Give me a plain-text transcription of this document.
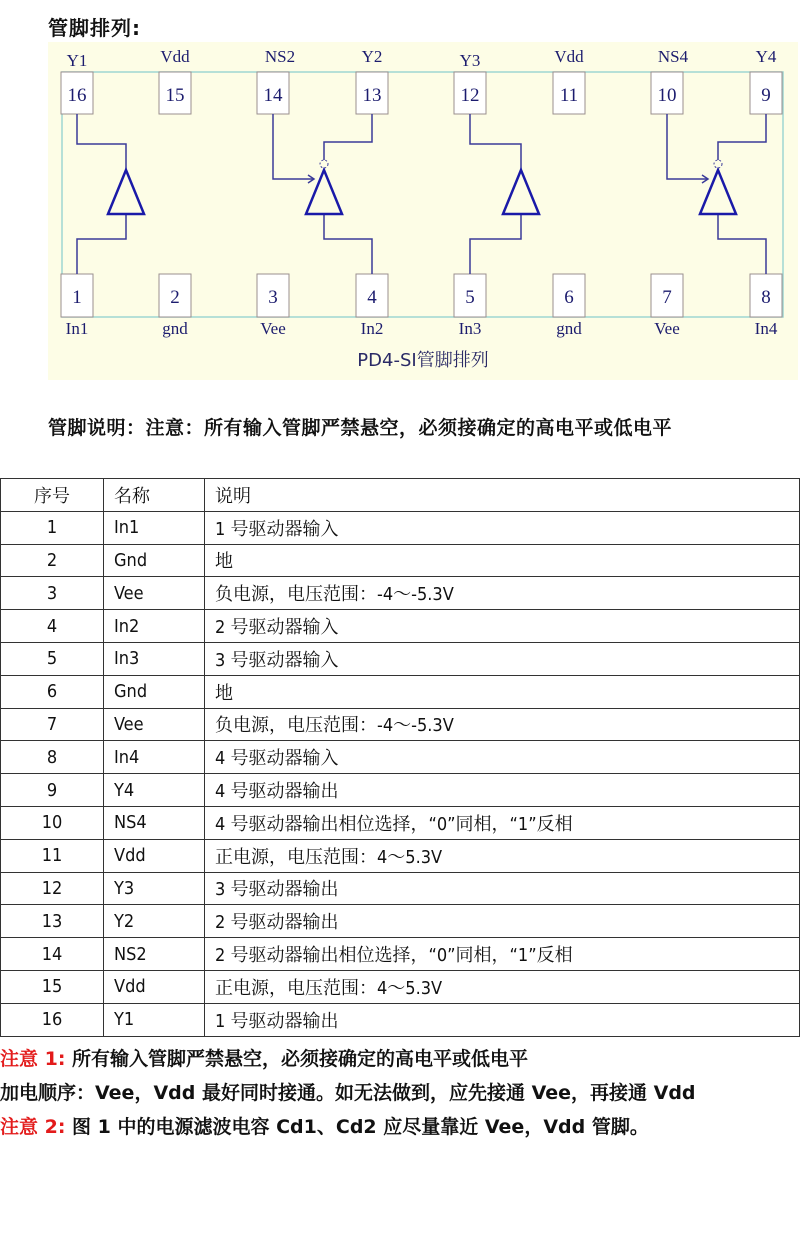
管脚排列:
Y1	Vdd	NS2	Y2	Y3	Vdd	NS4	Y4
16	15	14	13	12	11	10	9
1	2	3	4	5	6	7	8
In1	gnd	Vee	In2	In3	gnd	Vee	In4
PD4-SI管脚排列
管脚说明：注意：所有输入管脚严禁悬空，必须接确定的高电平或低电平
序号	名称	说明
1	In1	1 号驱动器输入
2	Gnd	地
3	Vee	负电源，电压范围：-4～-5.3V
4	In2	2 号驱动器输入
5	In3	3 号驱动器输入
6	Gnd	地
7	Vee	负电源，电压范围：-4～-5.3V
8	In4	4 号驱动器输入
9	Y4	4 号驱动器输出
10	NS4	4 号驱动器输出相位选择，“0”同相，“1”反相
11	Vdd	正电源，电压范围：4～5.3V
12	Y3	3 号驱动器输出
13	Y2	2 号驱动器输出
14	NS2	2 号驱动器输出相位选择，“0”同相，“1”反相
15	Vdd	正电源，电压范围：4～5.3V
16	Y1	1 号驱动器输出

注意 1: 所有输入管脚严禁悬空，必须接确定的高电平或低电平

加电顺序：Vee，Vdd 最好同时接通。如无法做到，应先接通 Vee，再接通 Vdd

注意 2: 图 1 中的电源滤波电容 Cd1、Cd2 应尽量靠近 Vee，Vdd 管脚。
